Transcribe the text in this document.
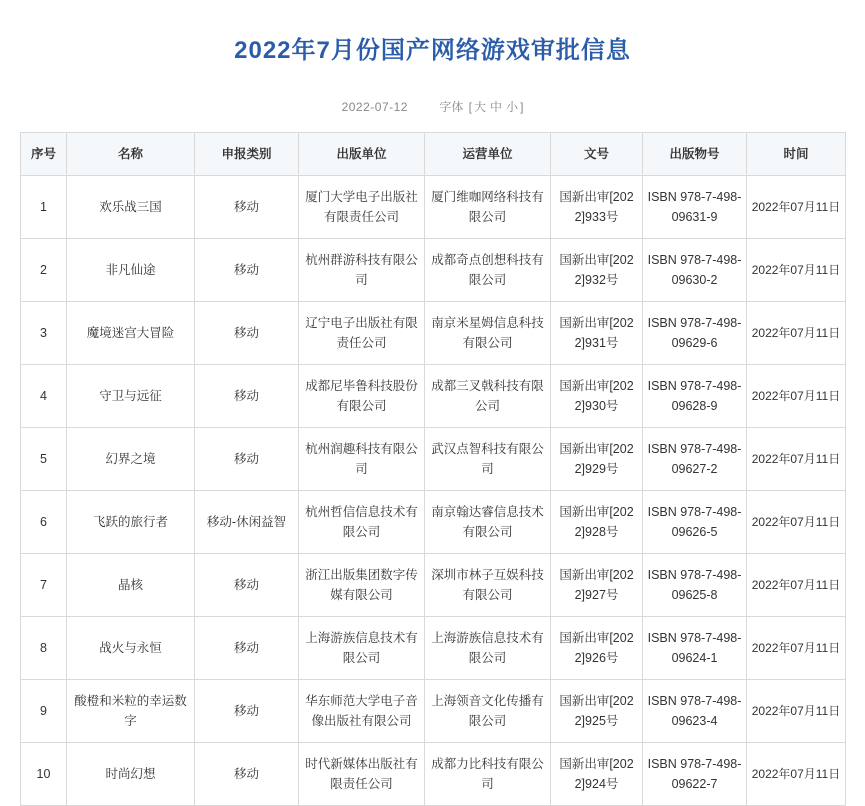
2022年7月份国产网络游戏审批信息
2022-07-12	字体 [ 大 中 小 ]
序号	名称	申报类别	出版单位	运营单位	文号	出版物号	时间
1	欢乐战三国	移动	厦门大学电子出版社有限责任公司	厦门维咖网络科技有限公司	国新出审[2022]933号	ISBN 978-7-498-09631-9	2022年07月11日
2	非凡仙途	移动	杭州群游科技有限公司	成都奇点创想科技有限公司	国新出审[2022]932号	ISBN 978-7-498-09630-2	2022年07月11日
3	魔境迷宫大冒险	移动	辽宁电子出版社有限责任公司	南京米星姆信息科技有限公司	国新出审[2022]931号	ISBN 978-7-498-09629-6	2022年07月11日
4	守卫与远征	移动	成都尼毕鲁科技股份有限公司	成都三叉戟科技有限公司	国新出审[2022]930号	ISBN 978-7-498-09628-9	2022年07月11日
5	幻界之境	移动	杭州润趣科技有限公司	武汉点智科技有限公司	国新出审[2022]929号	ISBN 978-7-498-09627-2	2022年07月11日
6	飞跃的旅行者	移动-休闲益智	杭州哲信信息技术有限公司	南京翰达睿信息技术有限公司	国新出审[2022]928号	ISBN 978-7-498-09626-5	2022年07月11日
7	晶核	移动	浙江出版集团数字传媒有限公司	深圳市林子互娱科技有限公司	国新出审[2022]927号	ISBN 978-7-498-09625-8	2022年07月11日
8	战火与永恒	移动	上海游族信息技术有限公司	上海游族信息技术有限公司	国新出审[2022]926号	ISBN 978-7-498-09624-1	2022年07月11日
9	酸橙和米粒的幸运数字	移动	华东师范大学电子音像出版社有限公司	上海领音文化传播有限公司	国新出审[2022]925号	ISBN 978-7-498-09623-4	2022年07月11日
10	时尚幻想	移动	时代新媒体出版社有限责任公司	成都力比科技有限公司	国新出审[2022]924号	ISBN 978-7-498-09622-7	2022年07月11日
